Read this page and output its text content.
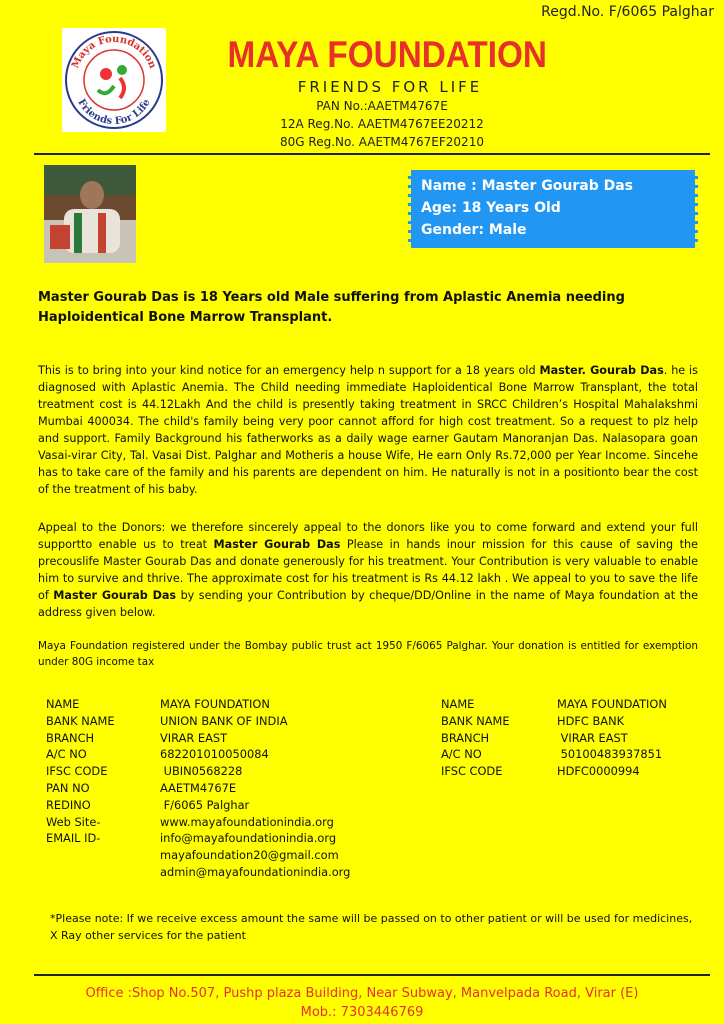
Regd.No. F/6065 Palghar
Maya Foundation
Friends For Life
MAYA FOUNDATION
FRIENDS FOR LIFE
PAN No.:AAETM4767E
12A Reg.No. AAETM4767EE20212
80G Reg.No. AAETM4767EF20210
Name : Master Gourab Das
Age: 18 Years Old
Gender: Male
Master Gourab Das is 18 Years old Male suffering from Aplastic Anemia needing Haploidentical Bone Marrow Transplant.
This is to bring into your kind notice for an emergency help n support for a 18 years old Master. Gourab Das. he is diagnosed with Aplastic Anemia. The Child needing immediate Haploidentical Bone Marrow Transplant, the total treatment cost is 44.12Lakh And the child is presently taking treatment in SRCC Children’s Hospital Mahalakshmi Mumbai 400034. The child's family being very poor cannot afford for high cost treatment. So a request to plz help and support. Family Background his fatherworks as a daily wage earner Gautam Manoranjan Das. Nalasopara goan Vasai-virar City, Tal. Vasai Dist. Palghar and Motheris a house Wife, He earn Only Rs.72,000 per Year Income. Sincehe has to take care of the family and his parents are dependent on him. He naturally is not in a positionto bear the cost of the treatment of his baby.
Appeal to the Donors: we therefore sincerely appeal to the donors like you to come forward and extend your full supportto enable us to treat Master Gourab Das Please in hands inour mission for this cause of saving the precouslife Master Gourab Das and donate generously for his treatment. Your Contribution is very valuable to enable him to survive and thrive. The approximate cost for his treatment is Rs 44.12 lakh . We appeal to you to save the life of Master Gourab Das by sending your Contribution by cheque/DD/Online in the name of Maya foundation at the address given below.
Maya Foundation registered under the Bombay public trust act 1950 F/6065 Palghar. Your donation is entitled for exemption under 80G income tax
NAME	MAYA FOUNDATION
BANK NAME	UNION BANK OF INDIA
BRANCH	VIRAR EAST
A/C NO	682201010050084
IFSC CODE	UBIN0568228
PAN NO	AAETM4767E
REDINO	F/6065 Palghar
Web Site-	www.mayafoundationindia.org
EMAIL ID-	info@mayafoundationindia.org
mayafoundation20@gmail.com
admin@mayafoundationindia.org
NAME	MAYA FOUNDATION
BANK NAME	HDFC BANK
BRANCH	VIRAR EAST
A/C NO	50100483937851
IFSC CODE	HDFC0000994
*Please note: If we receive excess amount the same will be passed on to other patient or will be used for medicines, X Ray other services for the patient
Office :Shop No.507, Pushp plaza Building, Near Subway, Manvelpada Road, Virar (E)
Mob.: 7303446769
